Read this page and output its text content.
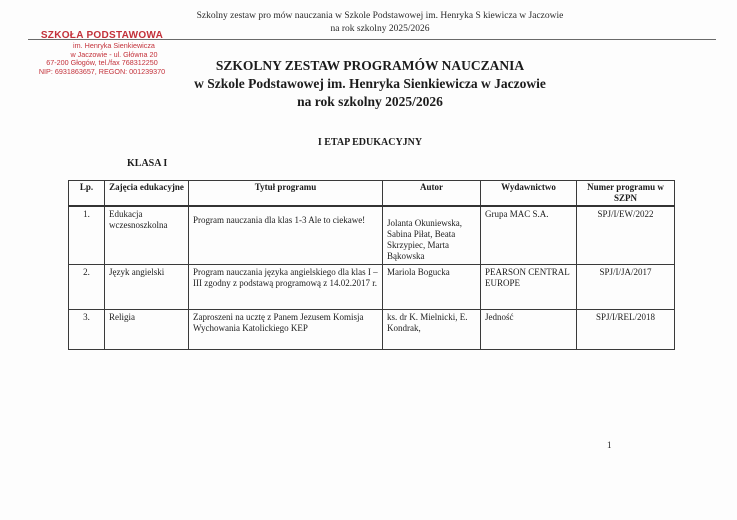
Szkolny zestaw pro mów nauczania w Szkole Podstawowej im. Henryka S kiewicza w Jaczowie
na rok szkolny 2025/2026
SZKOŁA PODSTAWOWA
im. Henryka Sienkiewicza
w Jaczowie - ul. Główna 20
67-200 Głogów, tel./fax 768312250
NIP: 6931863657, REGON: 001239370	SZKOLNY ZESTAW PROGRAMÓW NAUCZANIA
w Szkole Podstawowej im. Henryka Sienkiewicza w Jaczowie
na rok szkolny 2025/2026
I ETAP EDUKACYJNY
KLASA I
Lp.	Zajęcia edukacyjne	Tytuł programu	Autor	Wydawnictwo	Numer programu w SZPN
1.	Edukacja wczesnoszkolna	Program nauczania dla klas 1-3 Ale to ciekawe!	Jolanta Okuniewska, Sabina Piłat, Beata Skrzypiec, Marta Bąkowska	Grupa MAC S.A.	SPJ/I/EW/2022
2.	Język angielski	Program nauczania języka angielskiego dla klas I – III zgodny z podstawą programową z 14.02.2017 r.	Mariola Bogucka	PEARSON CENTRAL EUROPE	SPJ/I/JA/2017
3.	Religia	Zaproszeni na ucztę z Panem Jezusem Komisja Wychowania Katolickiego KEP	ks. dr K. Mielnicki, E. Kondrak,	Jedność	SPJ/I/REL/2018
1
